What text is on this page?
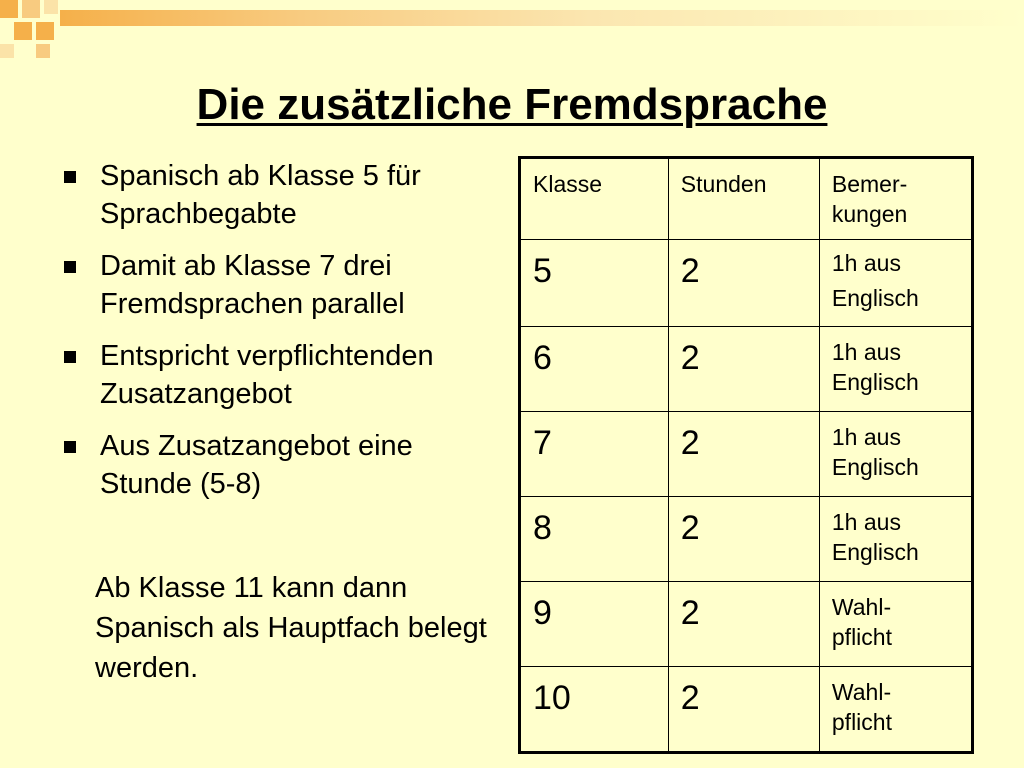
Die zusätzliche Fremdsprache
Spanisch ab Klasse 5 für Sprachbegabte
Damit ab Klasse 7 drei Fremdsprachen parallel
Entspricht verpflichtenden Zusatzangebot
Aus Zusatzangebot eine Stunde (5-8)

Ab Klasse 11 kann dann Spanisch als Hauptfach belegt werden.

Klasse	Stunden	Bemer-
kungen

5	2	1h aus
Englisch

6	2	1h aus
Englisch

7	2	1h aus
Englisch

8	2	1h aus
Englisch

9	2	Wahl-
pflicht

10	2	Wahl-
pflicht
